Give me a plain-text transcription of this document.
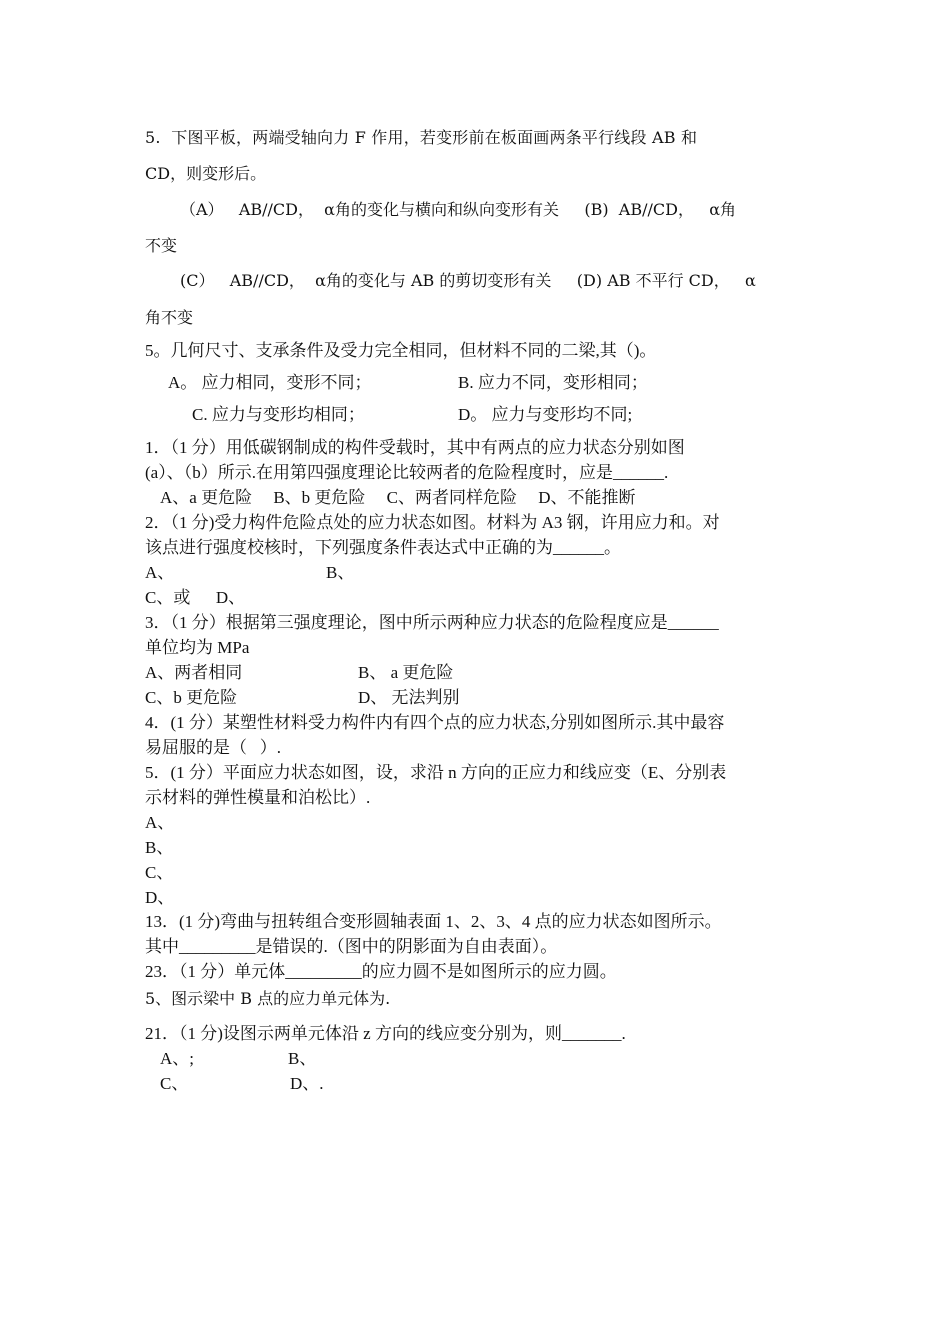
5.  下图平板，两端受轴向力 F 作用，若变形前在板面画两条平行线段 AB 和
CD，则变形后。
（A）   AB//CD，  α角的变化与横向和纵向变形有关     (B)  AB//CD，   α角
不变
(C）   AB//CD，  α角的变化与 AB 的剪切变形有关     (D) AB 不平行 CD，   α
角不变
5。几何尺寸、支承条件及受力完全相同，但材料不同的二梁,其（)。
A。 应力相同，变形不同；	B. 应力不同，变形相同；
C. 应力与变形均相同；	D。 应力与变形均不同;
1．（1 分）用低碳钢制成的构件受载时，其中有两点的应力状态分别如图
(a）、（b）所示.在用第四强度理论比较两者的危险程度时，应是______.
A、a 更危险     B、b 更危险     C、两者同样危险     D、不能推断
2．（1 分)受力构件危险点处的应力状态如图。材料为 A3 钢，许用应力和。对
该点进行强度校核时，下列强度条件表达式中正确的为______。
A、	B、
C、或      D、
3．（1 分）根据第三强度理论，图中所示两种应力状态的危险程度应是______
单位均为 MPa
A、两者相同	B、 a 更危险
C、b 更危险	D、 无法判别
4．(1 分）某塑性材料受力构件内有四个点的应力状态,分别如图所示.其中最容
易屈服的是（   ）.
5．(1 分）平面应力状态如图，设，求沿 n 方向的正应力和线应变（E、分别表
示材料的弹性模量和泊松比）.
A、
B、
C、
D、
13．(1 分)弯曲与扭转组合变形圆轴表面 1、2、3、4 点的应力状态如图所示。
其中_________是错误的.（图中的阴影面为自由表面）。
23．（1 分）单元体_________的应力圆不是如图所示的应力圆。
5、图示梁中 B 点的应力单元体为.
21．（1 分)设图示两单元体沿 z 方向的线应变分别为，则_______.
A、;	B、
C、	D、.
